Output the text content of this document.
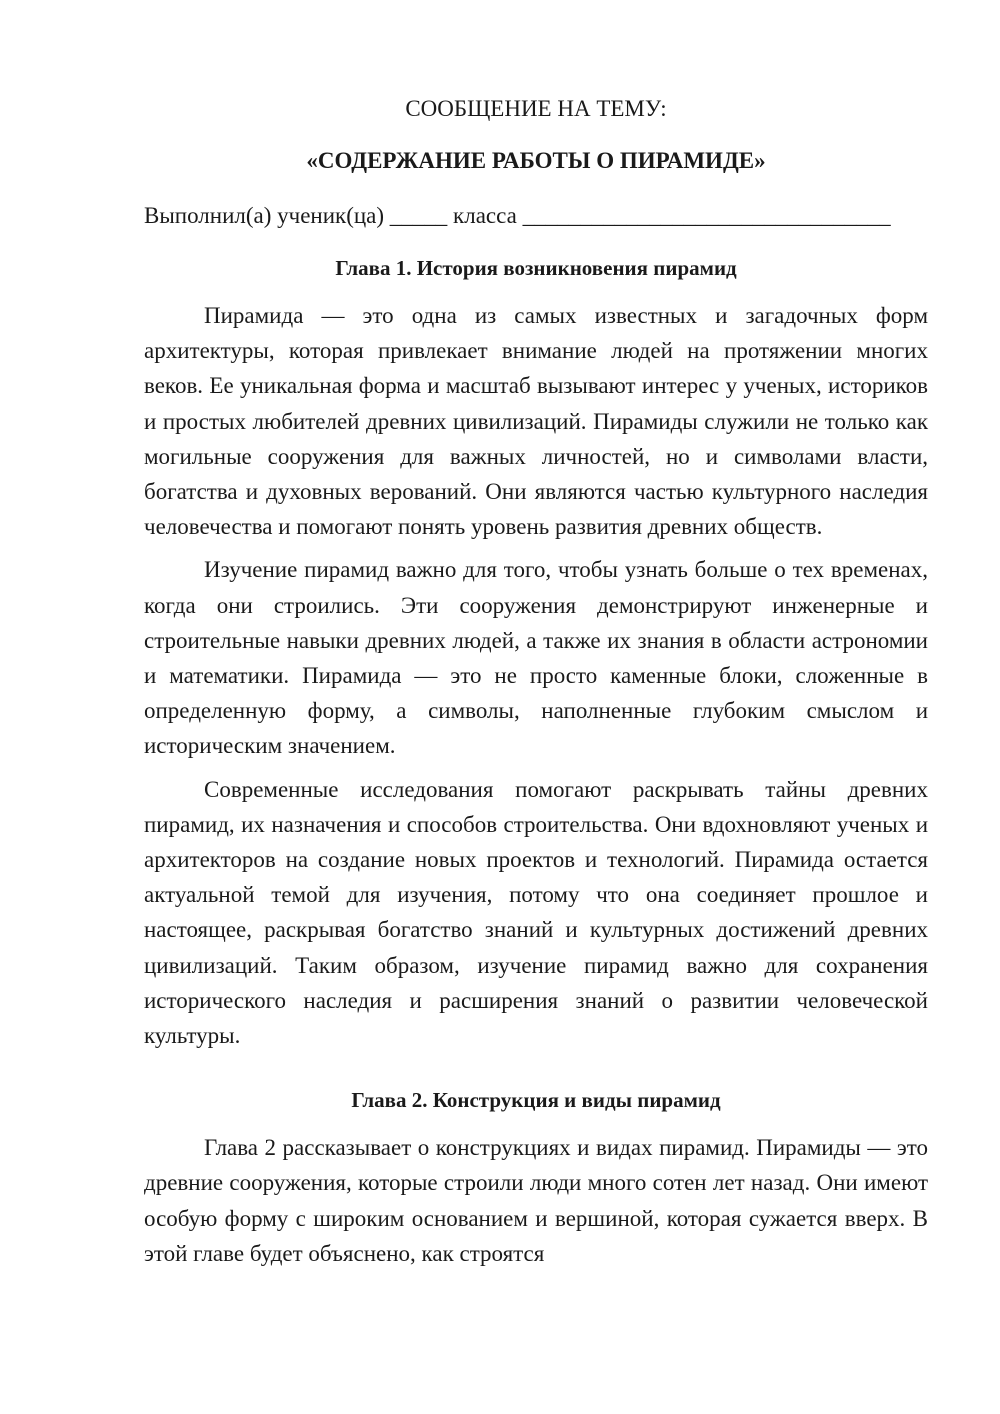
СООБЩЕНИЕ НА ТЕМУ:

«СОДЕРЖАНИЕ РАБОТЫ О ПИРАМИДЕ»

Выполнил(а) ученик(ца) _____ класса ________________________________
Глава 1. История возникновения пирамид

Пирамида — это одна из самых известных и загадочных форм архитектуры, которая привлекает внимание людей на протяжении многих веков. Ее уникальная форма и масштаб вызывают интерес у ученых, историков и простых любителей древних цивилизаций. Пирамиды служили не только как могильные сооружения для важных личностей, но и символами власти, богатства и духовных верований. Они являются частью культурного наследия человечества и помогают понять уровень развития древних обществ.

Изучение пирамид важно для того, чтобы узнать больше о тех временах, когда они строились. Эти сооружения демонстрируют инженерные и строительные навыки древних людей, а также их знания в области астрономии и математики. Пирамида — это не просто каменные блоки, сложенные в определенную форму, а символы, наполненные глубоким смыслом и историческим значением.

Современные исследования помогают раскрывать тайны древних пирамид, их назначения и способов строительства. Они вдохновляют ученых и архитекторов на создание новых проектов и технологий. Пирамида остается актуальной темой для изучения, потому что она соединяет прошлое и настоящее, раскрывая богатство знаний и культурных достижений древних цивилизаций. Таким образом, изучение пирамид важно для сохранения исторического наследия и расширения знаний о развитии человеческой культуры.

Глава 2. Конструкция и виды пирамид

Глава 2 рассказывает о конструкциях и видах пирамид. Пирамиды — это древние сооружения, которые строили люди много сотен лет назад. Они имеют особую форму с широким основанием и вершиной, которая сужается вверх. В этой главе будет объяснено, как строятся
